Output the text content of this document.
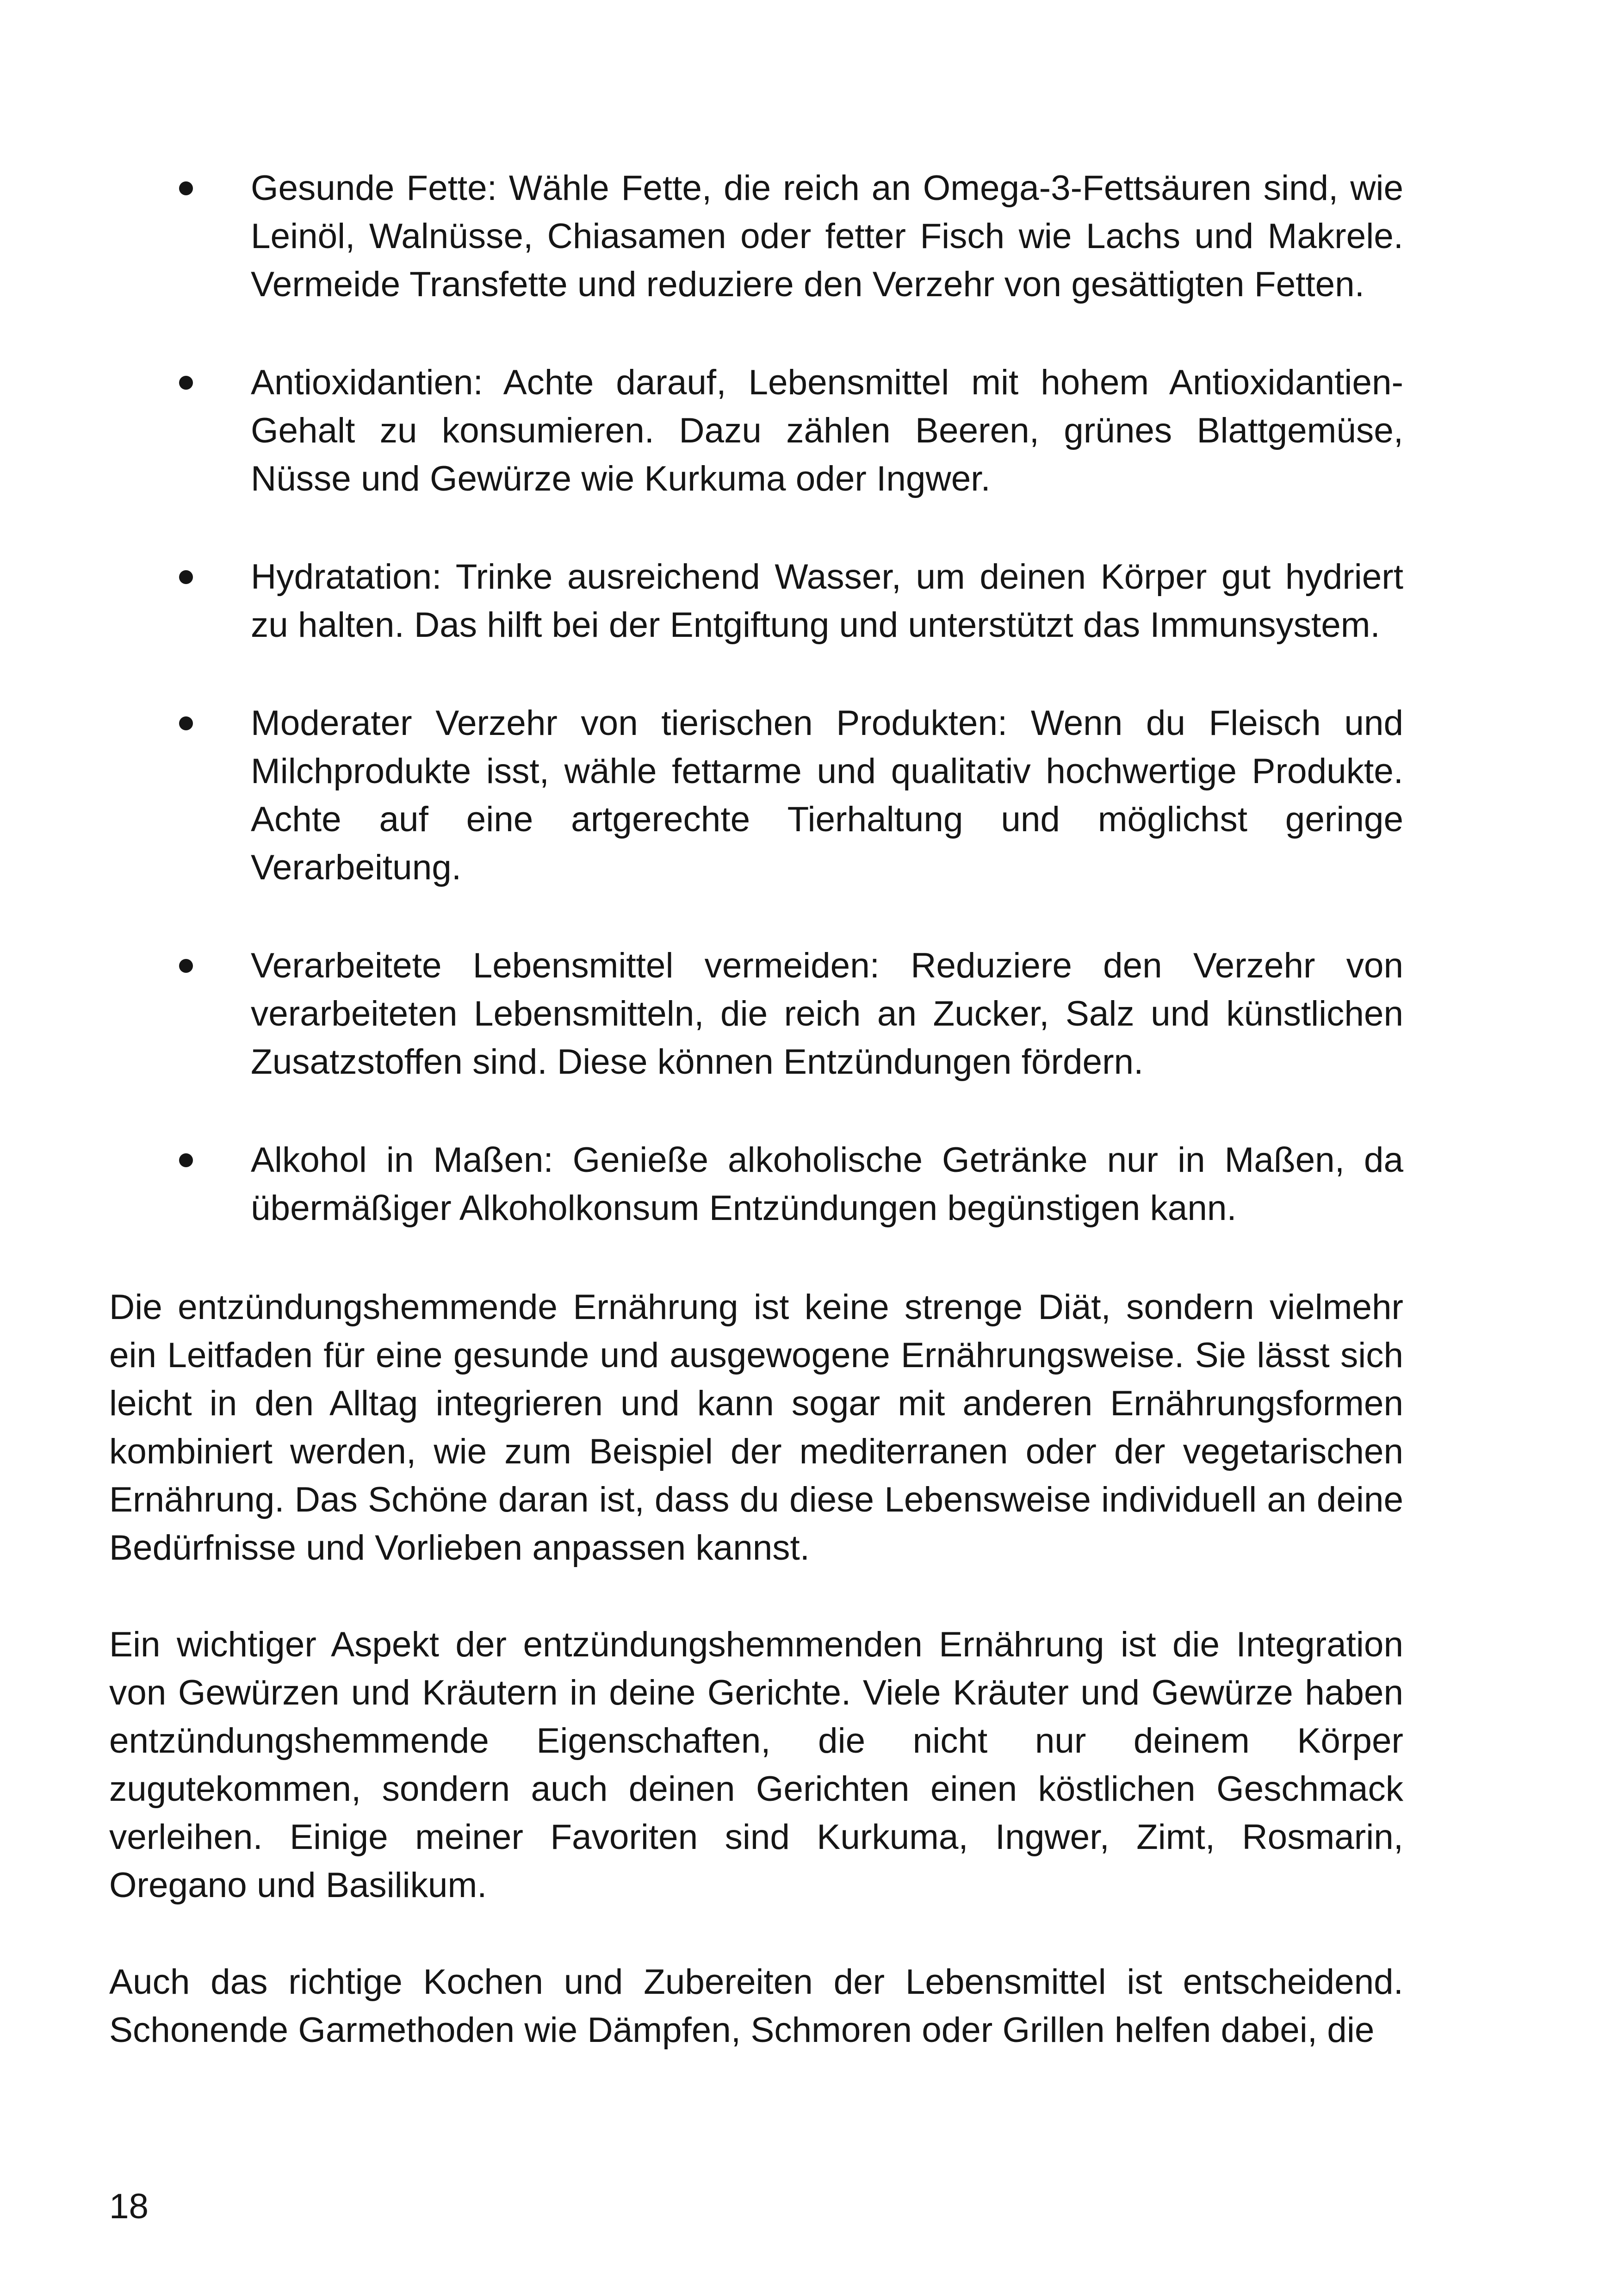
Gesunde Fette: Wähle Fette, die reich an Omega-3-Fettsäuren sind, wie Leinöl, Walnüsse, Chiasamen oder fetter Fisch wie Lachs und Makrele. Vermeide Transfette und reduziere den Verzehr von gesättigten Fetten.
Antioxidantien: Achte darauf, Lebensmittel mit hohem Antioxidantien-Gehalt zu konsumieren. Dazu zählen Beeren, grünes Blattgemüse, Nüsse und Gewürze wie Kurkuma oder Ingwer.
Hydratation: Trinke ausreichend Wasser, um deinen Körper gut hydriert zu halten. Das hilft bei der Entgiftung und unterstützt das Immunsystem.
Moderater Verzehr von tierischen Produkten: Wenn du Fleisch und Milchprodukte isst, wähle fettarme und qualitativ hochwertige Produkte. Achte auf eine artgerechte Tierhaltung und möglichst geringe Verarbeitung.
Verarbeitete Lebensmittel vermeiden: Reduziere den Verzehr von verarbeiteten Lebensmitteln, die reich an Zucker, Salz und künstlichen Zusatzstoffen sind. Diese können Entzündungen fördern.
Alkohol in Maßen: Genieße alkoholische Getränke nur in Maßen, da übermäßiger Alkoholkonsum Entzündungen begünstigen kann.

Die entzündungshemmende Ernährung ist keine strenge Diät, sondern vielmehr ein Leitfaden für eine gesunde und ausgewogene Ernährungsweise. Sie lässt sich leicht in den Alltag integrieren und kann sogar mit anderen Ernährungsformen kombiniert werden, wie zum Beispiel der mediterranen oder der vegetarischen Ernährung. Das Schöne daran ist, dass du diese Lebensweise individuell an deine Bedürfnisse und Vorlieben anpassen kannst.

Ein wichtiger Aspekt der entzündungshemmenden Ernährung ist die Integration von Gewürzen und Kräutern in deine Gerichte. Viele Kräuter und Gewürze haben entzündungshemmende Eigenschaften, die nicht nur deinem Körper zugutekommen, sondern auch deinen Gerichten einen köstlichen Geschmack verleihen. Einige meiner Favoriten sind Kurkuma, Ingwer, Zimt, Rosmarin, Oregano und Basilikum.

Auch das richtige Kochen und Zubereiten der Lebensmittel ist entscheidend. Schonende Garmethoden wie Dämpfen, Schmoren oder Grillen helfen dabei, die

18
